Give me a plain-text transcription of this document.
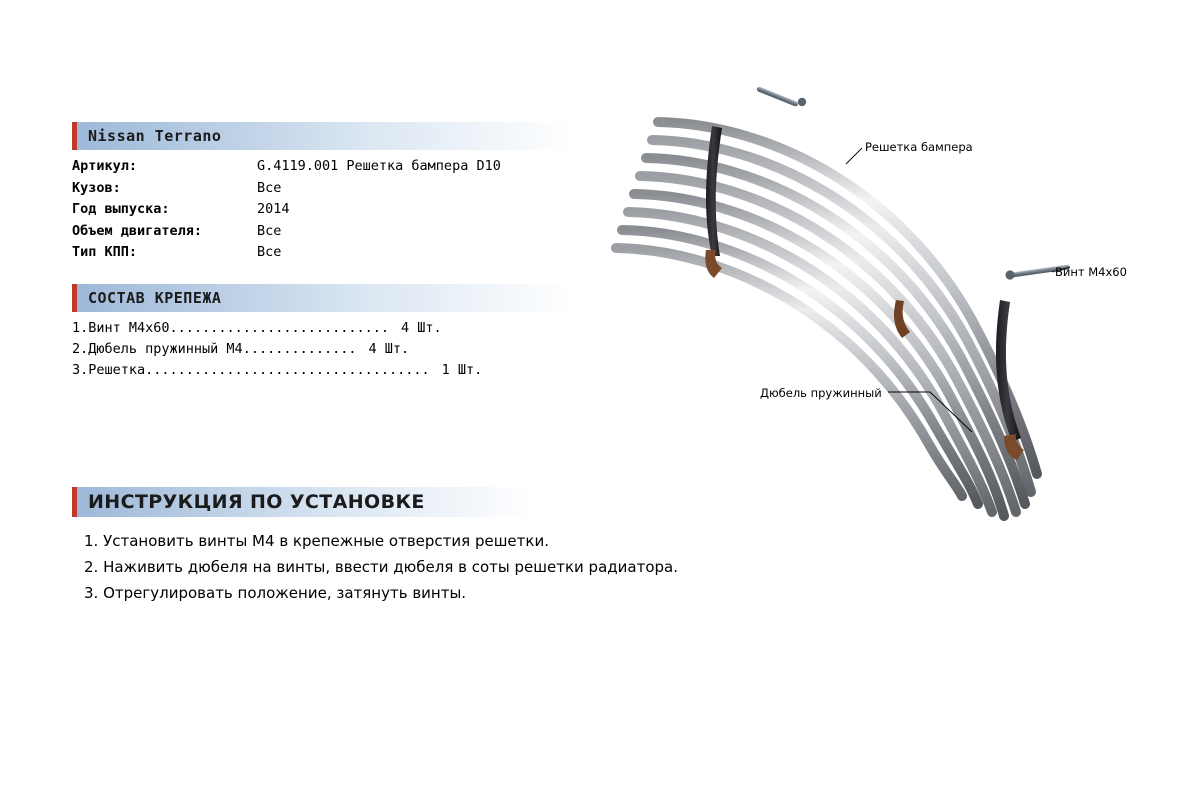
Nissan Terrano
Артикул:	G.4119.001 Решетка бампера D10
Кузов:	Все
Год выпуска:	2014
Объем двигателя:	Все
Тип КПП:	Все
СОСТАВ КРЕПЕЖА
1.Винт М4х60 ........................... 4 Шт.
2.Дюбель пружинный М4 .............. 4 Шт.
3.Решетка ................................... 1 Шт.
ИНСТРУКЦИЯ ПО УСТАНОВКЕ
1. Установить винты М4 в крепежные отверстия решетки.
2. Наживить дюбеля на винты, ввести дюбеля в соты решетки радиатора.
3. Отрегулировать положение, затянуть винты.
Решетка бампера
Винт М4х60
Дюбель пружинный
